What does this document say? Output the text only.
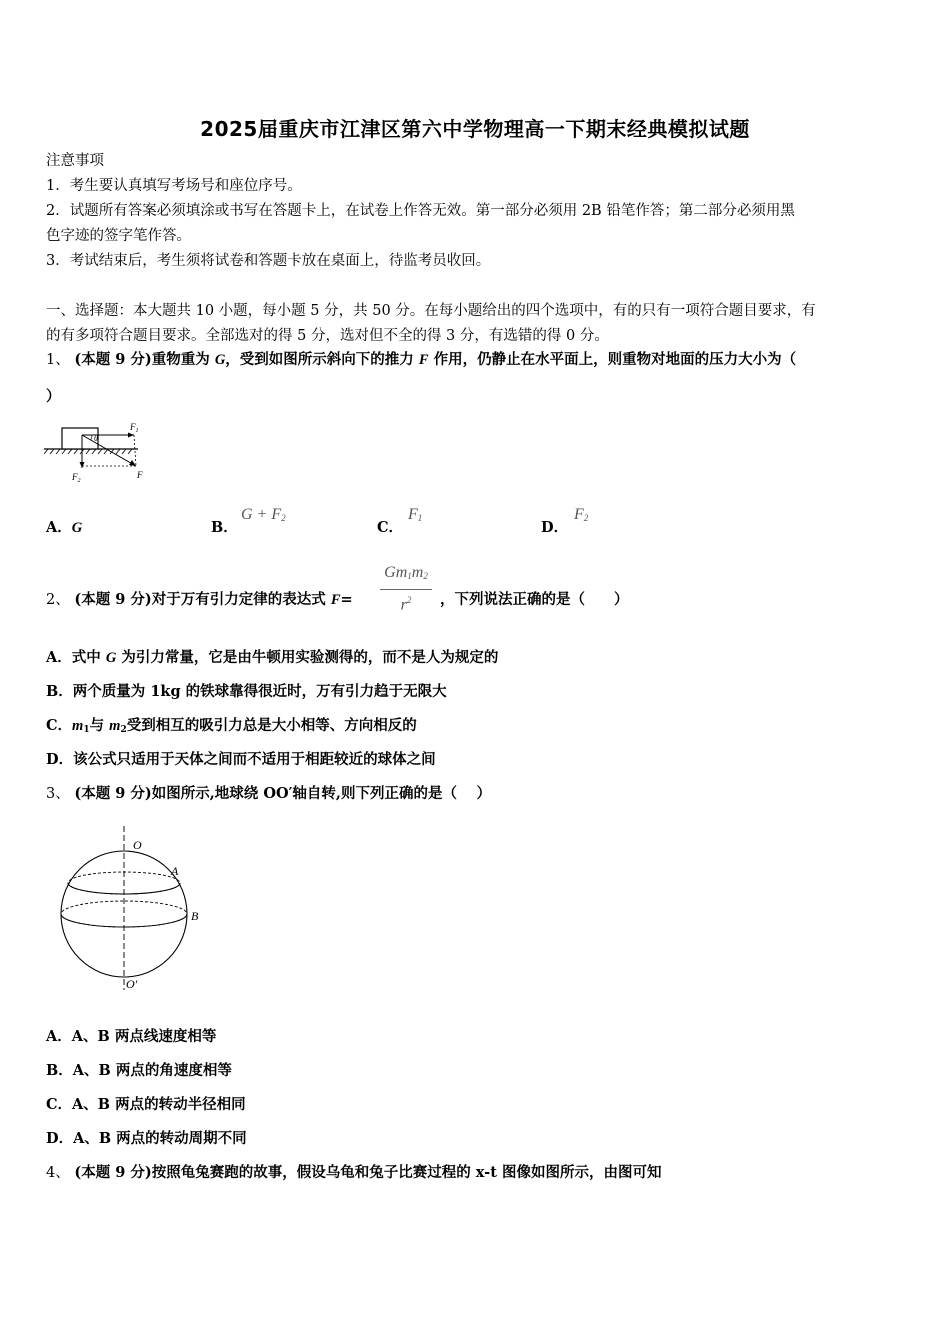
2025届重庆市江津区第六中学物理高一下期末经典模拟试题
注意事项
1．考生要认真填写考场号和座位序号。
2．试题所有答案必须填涂或书写在答题卡上，在试卷上作答无效。第一部分必须用 2B 铅笔作答；第二部分必须用黑
色字迹的签字笔作答。
3．考试结束后，考生须将试卷和答题卡放在桌面上，待监考员收回。
一、选择题：本大题共 10 小题，每小题 5 分，共 50 分。在每小题给出的四个选项中，有的只有一项符合题目要求，有
的有多项符合题目要求。全部选对的得 5 分，选对但不全的得 3 分，有选错的得 0 分。
1、 (本题 9 分)重物重为 G，受到如图所示斜向下的推力 F 作用，仍静止在水平面上，则重物对地面的压力大小为（
）
θ
$F_1$
$F_2$
F
A．G	B．
$G + F_2$
C．
$F_1$
D．
$F_2$
2、 (本题 9 分)对于万有引力定律的表达式 F=
$Gm_1m_2$
$r^2$	，下列说法正确的是（　　）
A．式中 G 为引力常量，它是由牛顿用实验测得的，而不是人为规定的
B．两个质量为 1kg 的铁球靠得很近时，万有引力趋于无限大
C．$m_1$与 $m_2$受到相互的吸引力总是大小相等、方向相反的
D．该公式只适用于天体之间而不适用于相距较近的球体之间
3、 (本题 9 分)如图所示,地球绕 OO′轴自转,则下列正确的是（　 ）
O
A
B
O′
A．A、B 两点线速度相等
B．A、B 两点的角速度相等
C．A、B 两点的转动半径相同
D．A、B 两点的转动周期不同
4、 (本题 9 分)按照龟兔赛跑的故事，假设乌龟和兔子比赛过程的 x-t 图像如图所示，由图可知
